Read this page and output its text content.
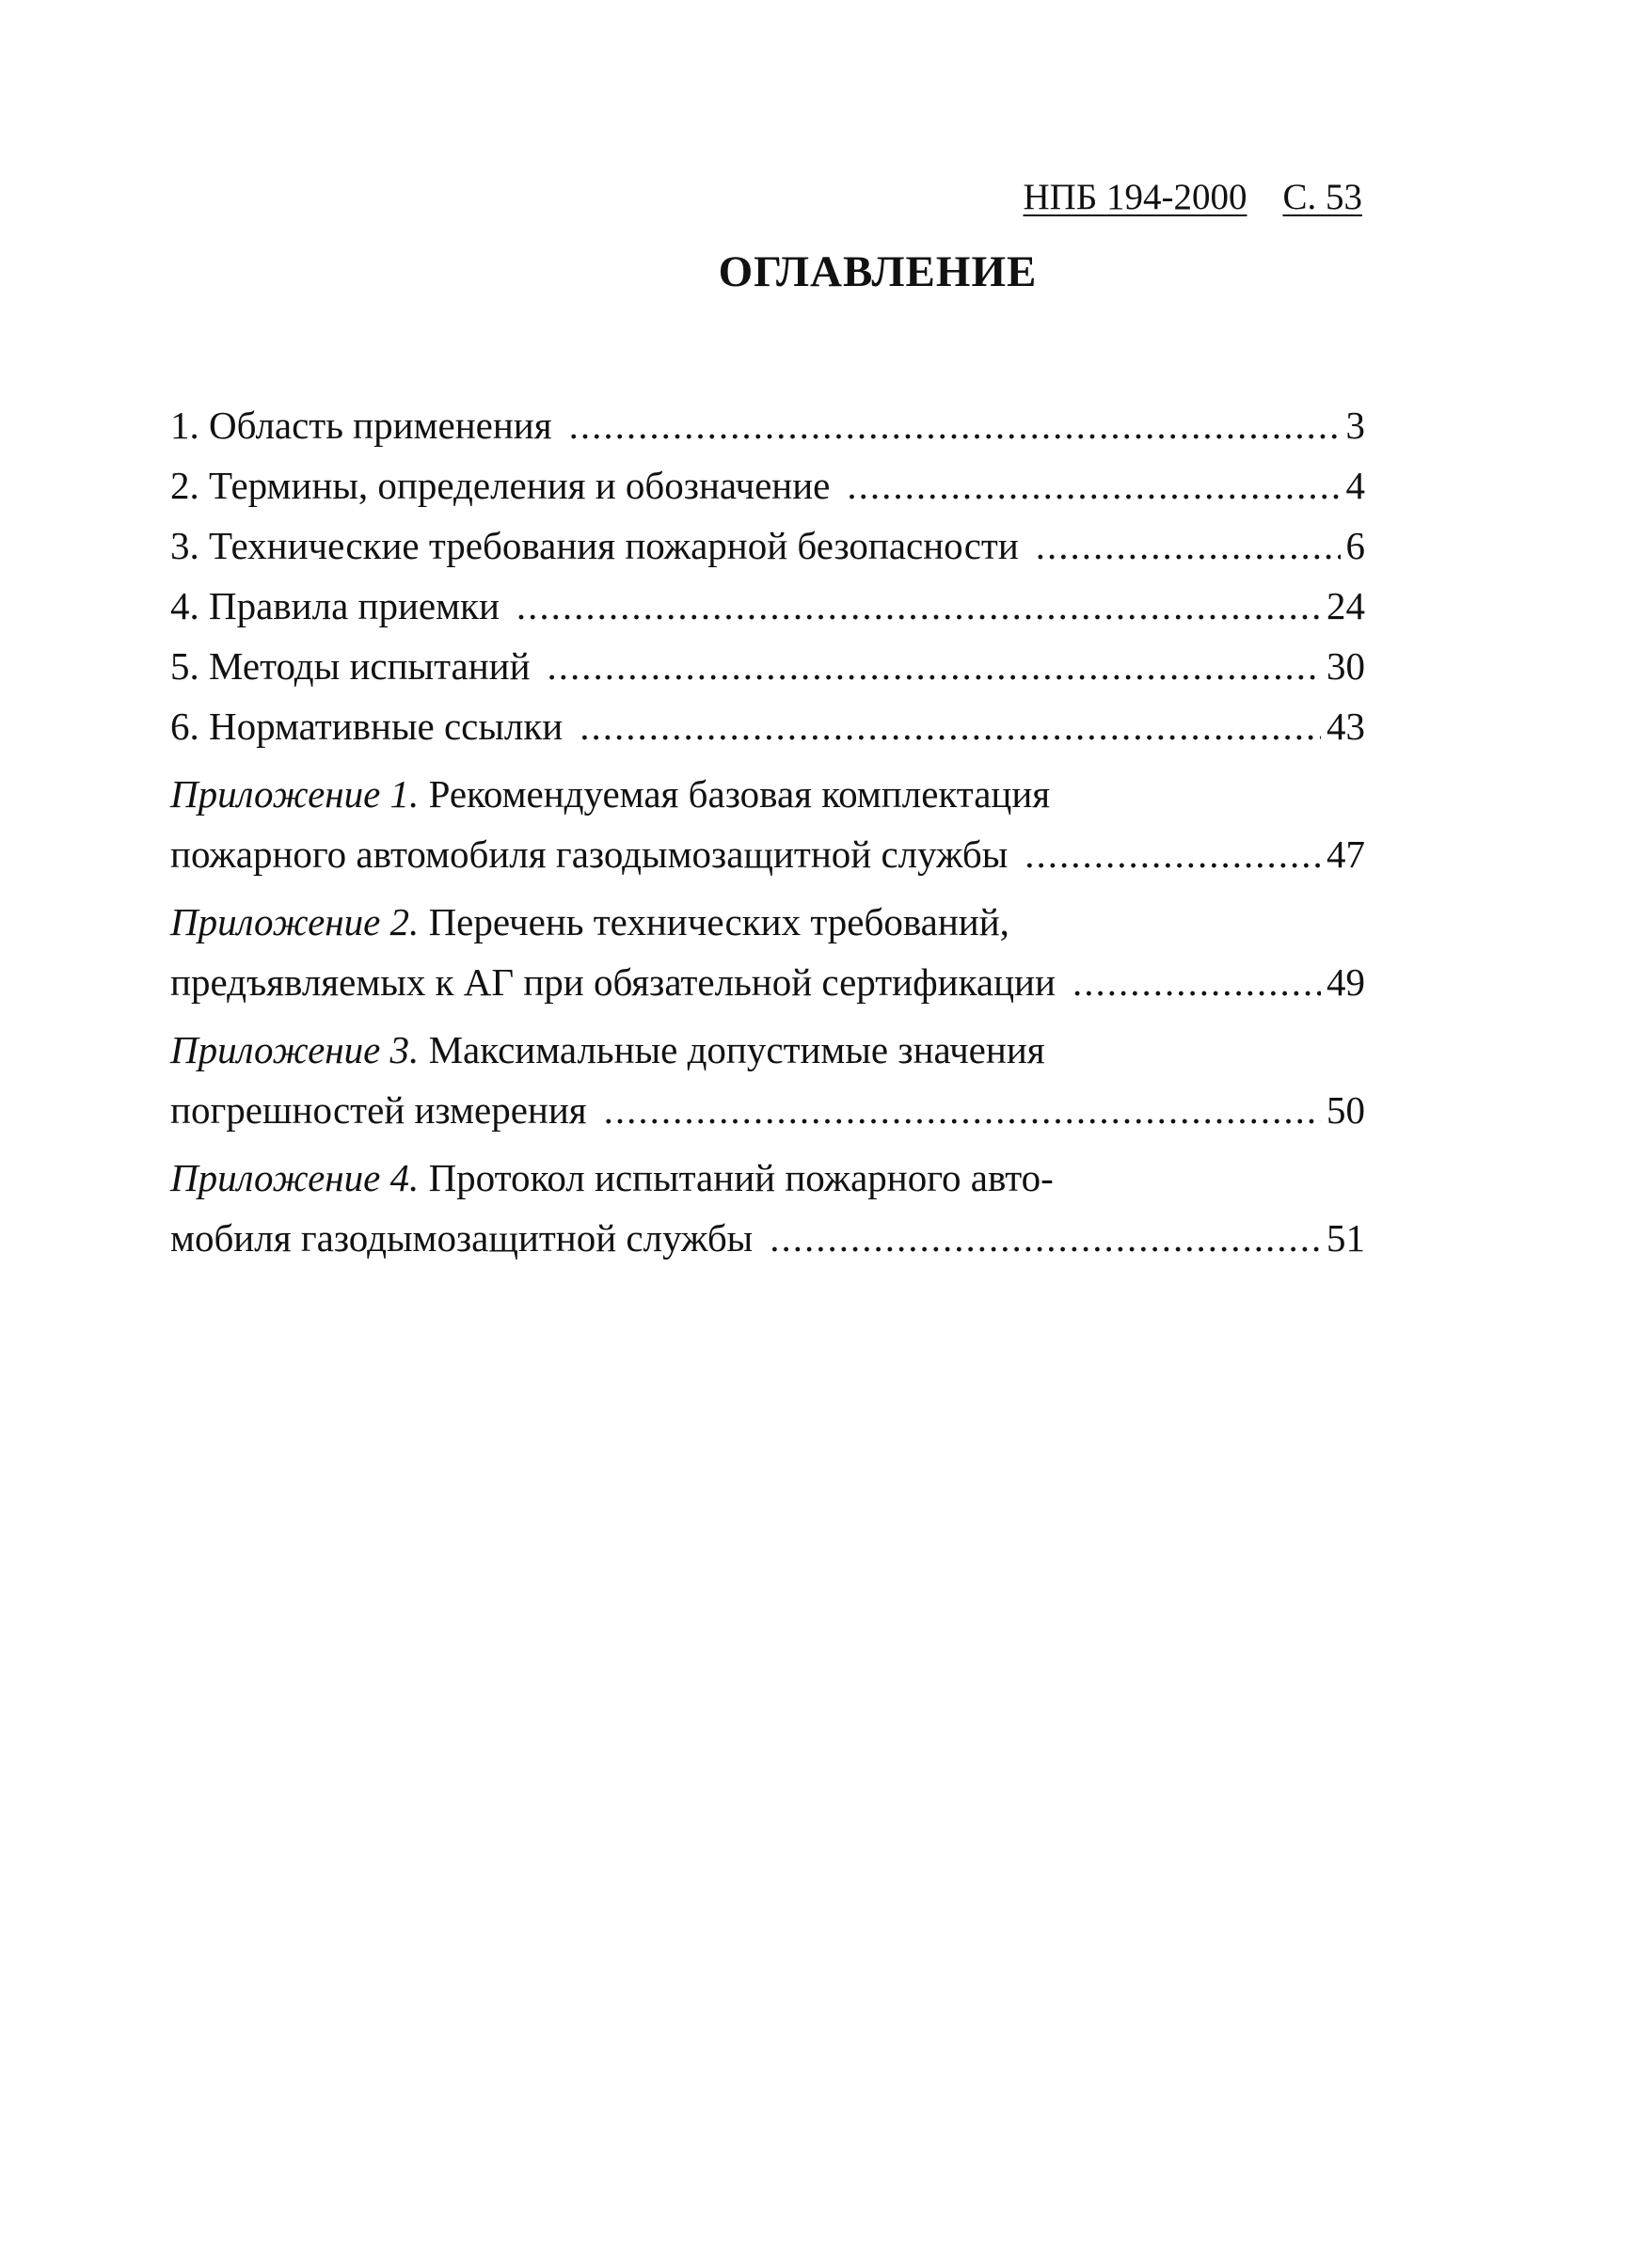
НПБ 194-2000 С. 53
ОГЛАВЛЕНИЕ
1. Область применения .....	3
2. Термины, определения и обозначение .....	4
3. Технические требования пожарной безопасности .....	6
4. Правила приемки .....	24
5. Методы испытаний .....	30
6. Нормативные ссылки .....	43
Приложение 1. Рекомендуемая базовая комплектация
пожарного автомобиля газодымозащитной службы .....	47
Приложение 2. Перечень технических требований,
предъявляемых к АГ при обязательной сертификации .....	49
Приложение 3. Максимальные допустимые значения
погрешностей измерения .....	50
Приложение 4. Протокол испытаний пожарного авто-
мобиля газодымозащитной службы .....	51
